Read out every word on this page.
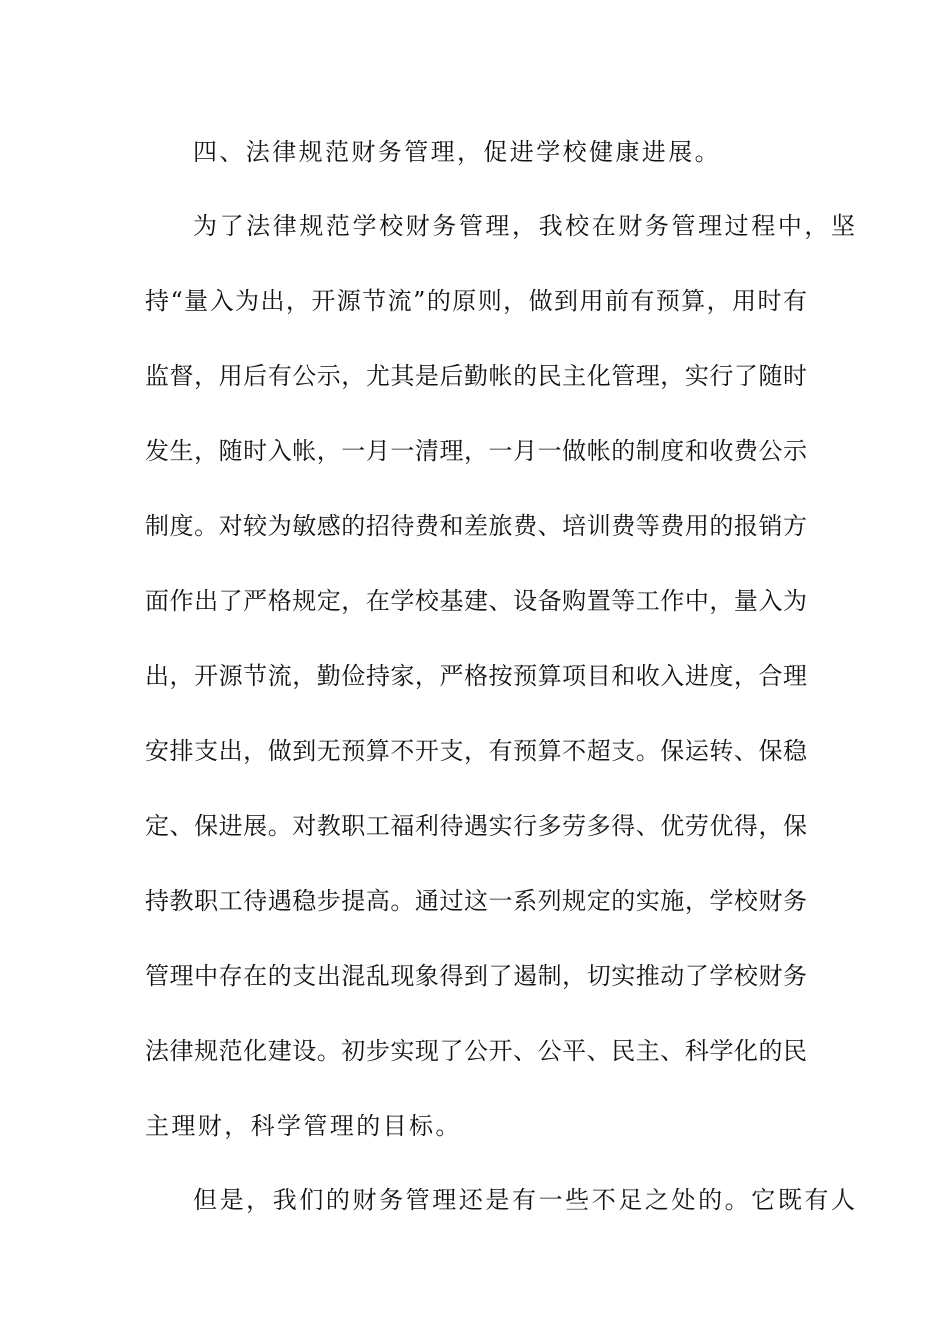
四、法律规范财务管理，促进学校健康进展。
为了法律规范学校财务管理，我校在财务管理过程中，坚
持“量入为出，开源节流”的原则，做到用前有预算，用时有
监督，用后有公示，尤其是后勤帐的民主化管理，实行了随时
发生，随时入帐，一月一清理，一月一做帐的制度和收费公示
制度。对较为敏感的招待费和差旅费、培训费等费用的报销方
面作出了严格规定，在学校基建、设备购置等工作中，量入为
出，开源节流，勤俭持家，严格按预算项目和收入进度，合理
安排支出，做到无预算不开支，有预算不超支。保运转、保稳
定、保进展。对教职工福利待遇实行多劳多得、优劳优得，保
持教职工待遇稳步提高。通过这一系列规定的实施，学校财务
管理中存在的支出混乱现象得到了遏制，切实推动了学校财务
法律规范化建设。初步实现了公开、公平、民主、科学化的民
主理财，科学管理的目标。
但是，我们的财务管理还是有一些不足之处的。它既有人
